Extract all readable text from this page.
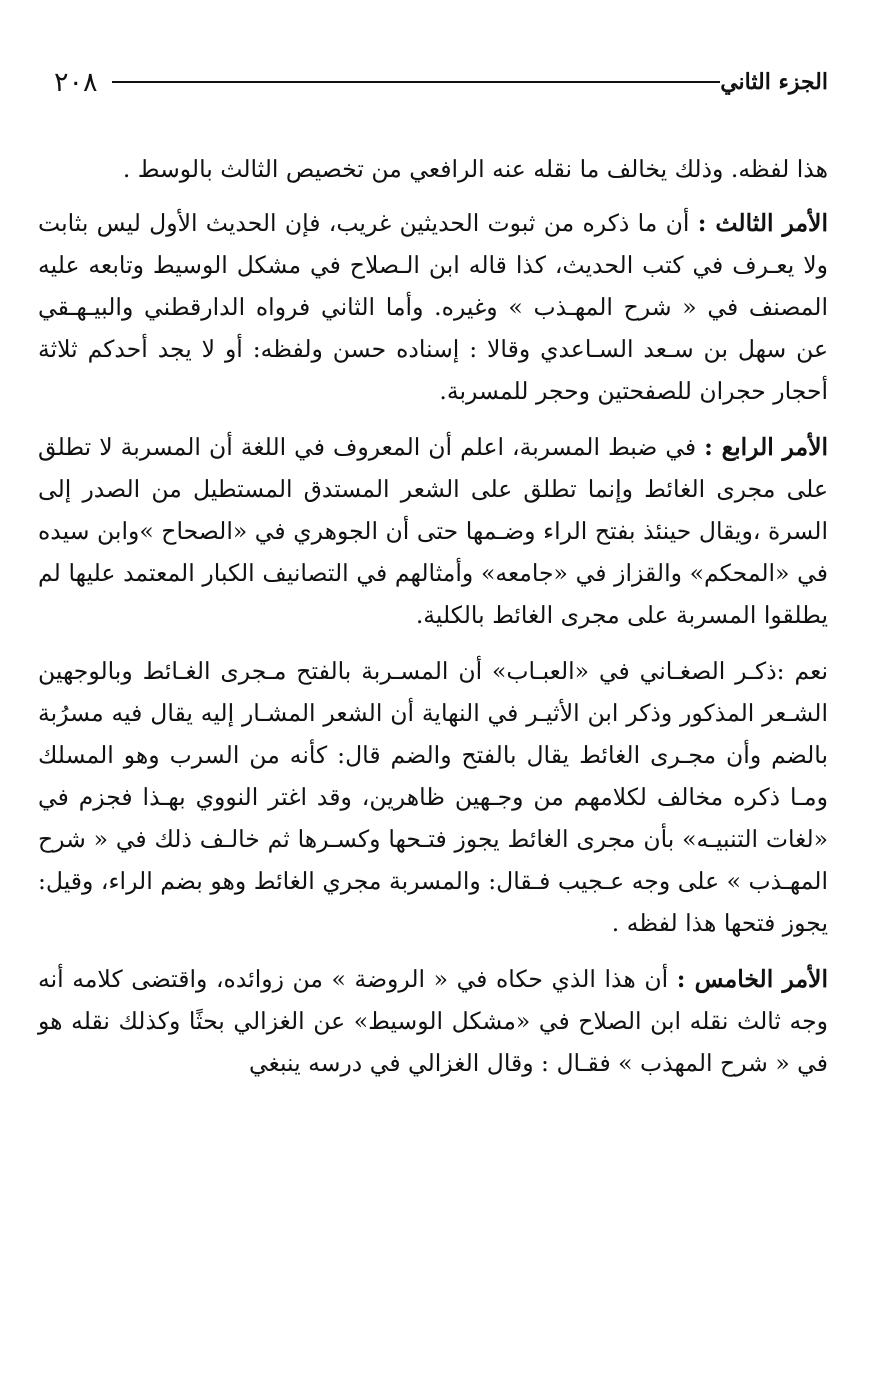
الجزء الثاني
٢٠٨

هذا لفظه. وذلك يخالف ما نقله عنه الرافعي من تخصيص الثالث بالوسط .

الأمر الثالث : أن ما ذكره من ثبوت الحديثين غريب، فإن الحديث الأول ليس بثابت ولا يعـرف في كتب الحديث، كذا قاله ابن الـصلاح في مشكل الوسيط وتابعه عليه المصنف في « شرح المهـذب » وغيره. وأما الثاني فرواه الدارقطني والبيـهـقي عن سهل بن سـعد السـاعدي وقالا : إسناده حسن ولفظه: أو لا يجد أحدكم ثلاثة أحجار حجران للصفحتين وحجر للمسربة.

الأمر الرابع : في ضبط المسربة، اعلم أن المعروف في اللغة أن المسربة لا تطلق على مجرى الغائط وإنما تطلق على الشعر المستدق المستطيل من الصدر إلى السرة ،ويقال حينئذ بفتح الراء وضـمها حتى أن الجوهري في «الصحاح »وابن سيده في «المحكم» والقزاز في «جامعه» وأمثالهم في التصانيف الكبار المعتمد عليها لم يطلقوا المسربة على مجرى الغائط بالكلية.

نعم :ذكـر الصغـاني في «العبـاب» أن المسـربة بالفتح مـجرى الغـائط وبالوجهين الشـعر المذكور وذكر ابن الأثيـر في النهاية أن الشعر المشـار إليه يقال فيه مسرُبة بالضم وأن مجـرى الغائط يقال بالفتح والضم قال: كأنه من السرب وهو المسلك ومـا ذكره مخالف لكلامهم من وجـهين ظاهرين، وقد اغتر النووي بهـذا فجزم في «لغات التنبيـه» بأن مجرى الغائط يجوز فتـحها وكسـرها ثم خالـف ذلك في « شرح المهـذب » على وجه عـجيب فـقال: والمسربة مجري الغائط وهو بضم الراء، وقيل: يجوز فتحها هذا لفظه .

الأمر الخامس : أن هذا الذي حكاه في « الروضة » من زوائده، واقتضى كلامه أنه وجه ثالث نقله ابن الصلاح في «مشكل الوسيط» عن الغزالي بحثًا وكذلك نقله هو في « شرح المهذب » فقـال : وقال الغزالي في درسه ينبغي
